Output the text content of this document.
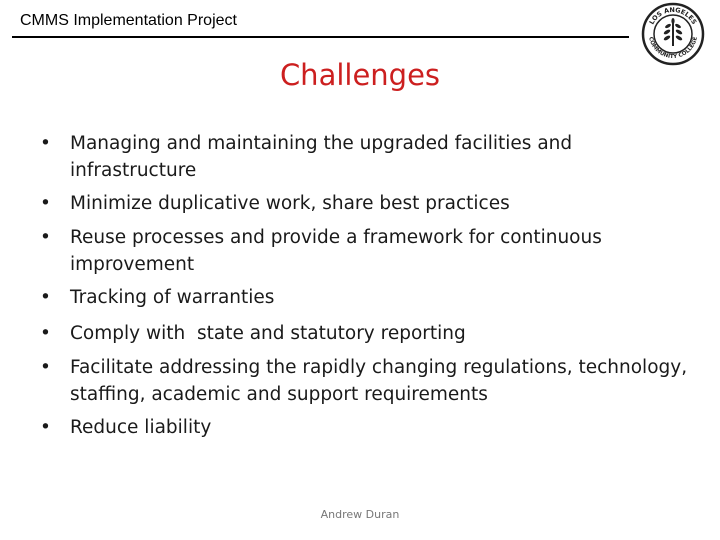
CMMS Implementation Project	LOS ANGELES
COMMUNITY COLLEGE
Challenges
•	Managing and maintaining the upgraded facilities and infrastructure
•	Minimize duplicative work, share best practices
•	Reuse processes and provide a framework for continuous improvement
•	Tracking of warranties
•	Comply with  state and statutory reporting
•	Facilitate addressing the rapidly changing regulations, technology, staffing, academic and support requirements
•	Reduce liability
Andrew Duran
